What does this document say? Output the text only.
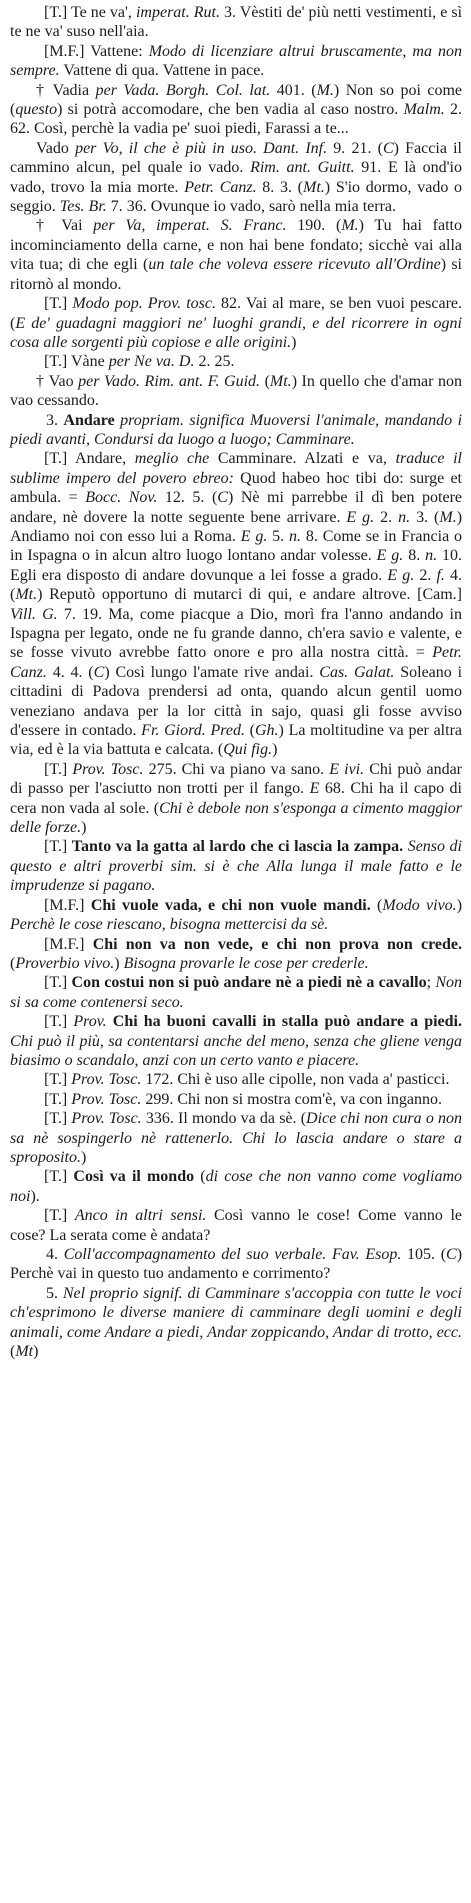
[T.] Te ne va', imperat. Rut. 3. Vèstiti de' più netti vestimenti, e sì te ne va' suso nell'aia.

[M.F.] Vattene: Modo di licenziare altrui bruscamente, ma non sempre. Vattene di qua. Vattene in pace.

† Vadia per Vada. Borgh. Col. lat. 401. (M.) Non so poi come (questo) si potrà accomodare, che ben vadia al caso nostro. Malm. 2. 62. Così, perchè la vadia pe' suoi piedi, Farassi a te...

Vado per Vo, il che è più in uso. Dant. Inf. 9. 21. (C) Faccia il cammino alcun, pel quale io vado. Rim. ant. Guitt. 91. E là ond'io vado, trovo la mia morte. Petr. Canz. 8. 3. (Mt.) S'io dormo, vado o seggio. Tes. Br. 7. 36. Ovunque io vado, sarò nella mia terra.

† Vai per Va, imperat. S. Franc. 190. (M.) Tu hai fatto incominciamento della carne, e non hai bene fondato; sicchè vai alla vita tua; di che egli (un tale che voleva essere ricevuto all'Ordine) si ritornò al mondo.

[T.] Modo pop. Prov. tosc. 82. Vai al mare, se ben vuoi pescare. (E de' guadagni maggiori ne' luoghi grandi, e del ricorrere in ogni cosa alle sorgenti più copiose e alle origini.)

[T.] Vàne per Ne va. D. 2. 25.

† Vao per Vado. Rim. ant. F. Guid. (Mt.) In quello che d'amar non vao cessando.

3. Andare propriam. significa Muoversi l'animale, mandando i piedi avanti, Condursi da luogo a luogo; Camminare.

[T.] Andare, meglio che Camminare. Alzati e va, traduce il sublime impero del povero ebreo: Quod habeo hoc tibi do: surge et ambula. = Bocc. Nov. 12. 5. (C) Nè mi parrebbe il dì ben potere andare, nè dovere la notte seguente bene arrivare. E g. 2. n. 3. (M.) Andiamo noi con esso lui a Roma. E g. 5. n. 8. Come se in Francia o in Ispagna o in alcun altro luogo lontano andar volesse. E g. 8. n. 10. Egli era disposto di andare dovunque a lei fosse a grado. E g. 2. f. 4. (Mt.) Reputò opportuno di mutarci di qui, e andare altrove. [Cam.] Vill. G. 7. 19. Ma, come piacque a Dio, morì fra l'anno andando in Ispagna per legato, onde ne fu grande danno, ch'era savio e valente, e se fosse vivuto avrebbe fatto onore e pro alla nostra città. = Petr. Canz. 4. 4. (C) Così lungo l'amate rive andai. Cas. Galat. Soleano i cittadini di Padova prendersi ad onta, quando alcun gentil uomo veneziano andava per la lor città in sajo, quasi gli fosse avviso d'essere in contado. Fr. Giord. Pred. (Gh.) La moltitudine va per altra via, ed è la via battuta e calcata. (Qui fig.)

[T.] Prov. Tosc. 275. Chi va piano va sano. E ivi. Chi può andar di passo per l'asciutto non trotti per il fango. E 68. Chi ha il capo di cera non vada al sole. (Chi è debole non s'esponga a cimento maggior delle forze.)

[T.] Tanto va la gatta al lardo che ci lascia la zampa. Senso di questo e altri proverbi sim. si è che Alla lunga il male fatto e le imprudenze si pagano.

[M.F.] Chi vuole vada, e chi non vuole mandi. (Modo vivo.) Perchè le cose riescano, bisogna mettercisi da sè.

[M.F.] Chi non va non vede, e chi non prova non crede. (Proverbio vivo.) Bisogna provarle le cose per crederle.

[T.] Con costui non si può andare nè a piedi nè a cavallo; Non si sa come contenersi seco.

[T.] Prov. Chi ha buoni cavalli in stalla può andare a piedi. Chi può il più, sa contentarsi anche del meno, senza che gliene venga biasimo o scandalo, anzi con un certo vanto e piacere.

[T.] Prov. Tosc. 172. Chi è uso alle cipolle, non vada a' pasticci.

[T.] Prov. Tosc. 299. Chi non si mostra com'è, va con inganno.

[T.] Prov. Tosc. 336. Il mondo va da sè. (Dice chi non cura o non sa nè sospingerlo nè rattenerlo. Chi lo lascia andare o stare a sproposito.)

[T.] Così va il mondo (di cose che non vanno come vogliamo noi).

[T.] Anco in altri sensi. Così vanno le cose! Come vanno le cose? La serata come è andata?

4. Coll'accompagnamento del suo verbale. Fav. Esop. 105. (C) Perchè vai in questo tuo andamento e corrimento?

5. Nel proprio signif. di Camminare s'accoppia con tutte le voci ch'esprimono le diverse maniere di camminare degli uomini e degli animali, come Andare a piedi, Andar zoppicando, Andar di trotto, ecc. (Mt)
